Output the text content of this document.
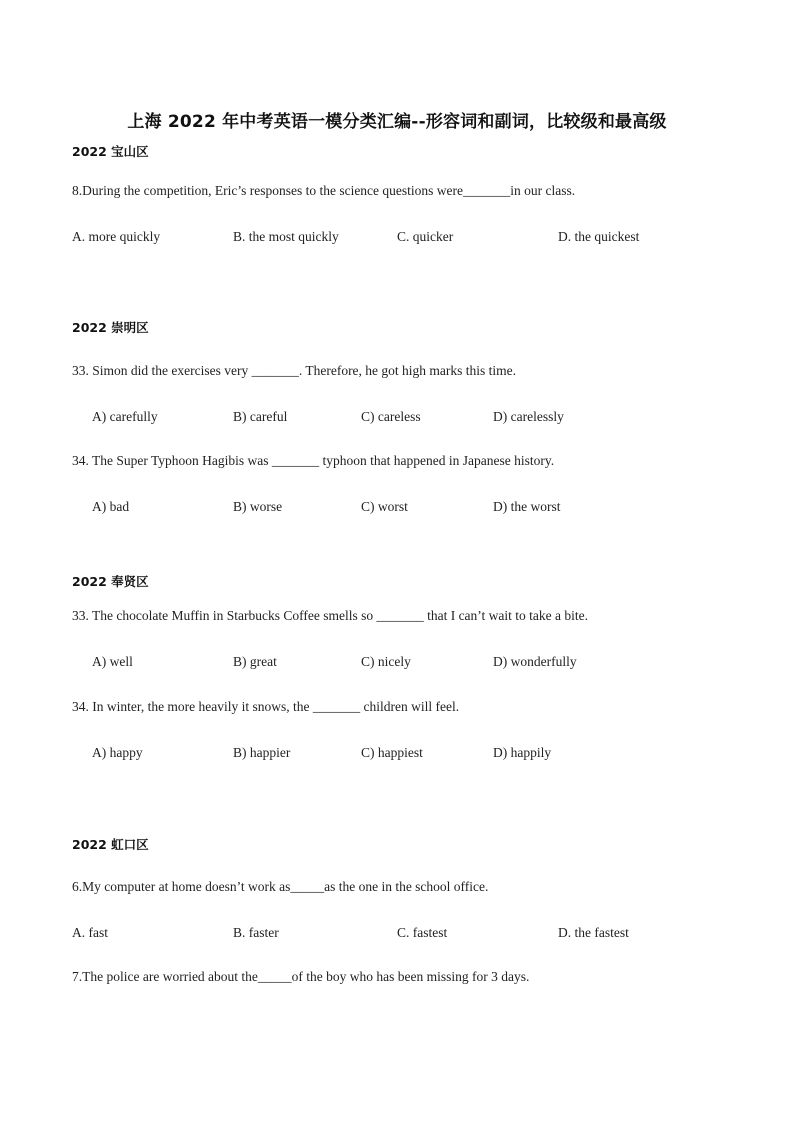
上海 2022 年中考英语一模分类汇编--形容词和副词，比较级和最高级
2022 宝山区
8.During the competition, Eric’s responses to the science questions were_______in our class.
A. more quickly	B. the most quickly	C. quicker	D. the quickest
2022 崇明区
33. Simon did the exercises very _______. Therefore, he got high marks this time.
A) carefully	B) careful	C) careless	D) carelessly
34. The Super Typhoon Hagibis was _______ typhoon that happened in Japanese history.
A) bad	B) worse	C) worst	D) the worst
2022 奉贤区
33. The chocolate Muffin in Starbucks Coffee smells so _______ that I can’t wait to take a bite.
A) well	B) great	C) nicely	D) wonderfully
34. In winter, the more heavily it snows, the _______ children will feel.
A) happy	B) happier	C) happiest	D) happily
2022 虹口区
6.My computer at home doesn’t work as_____as the one in the school office.
A. fast	B. faster	C. fastest	D. the fastest
7.The police are worried about the_____of the boy who has been missing for 3 days.
